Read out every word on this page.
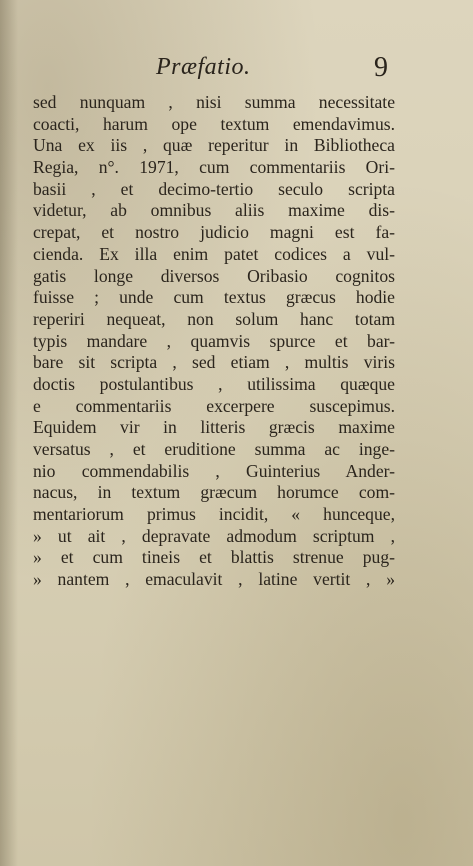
Præfatio.	9
sed nunquam , nisi summa necessitate
coacti, harum ope textum emendavimus.
Una ex iis , quæ reperitur in Bibliotheca
Regia, n°. 1971, cum commentariis Ori-
basii , et decimo-tertio seculo scripta
videtur, ab omnibus aliis maxime dis-
crepat, et nostro judicio magni est fa-
cienda. Ex illa enim patet codices a vul-
gatis longe diversos Oribasio cognitos
fuisse ; unde cum textus græcus hodie
reperiri nequeat, non solum hanc totam
typis mandare , quamvis spurce et bar-
bare sit scripta , sed etiam , multis viris
doctis postulantibus , utilissima quæque
e commentariis excerpere suscepimus.
Equidem vir in litteris græcis maxime
versatus , et eruditione summa ac inge-
nio commendabilis , Guinterius Ander-
nacus, in textum græcum horumce com-
mentariorum primus incidit, « hunceque,
» ut ait , depravate admodum scriptum ,
» et cum tineis et blattis strenue pug-
» nantem , emaculavit , latine vertit , »
